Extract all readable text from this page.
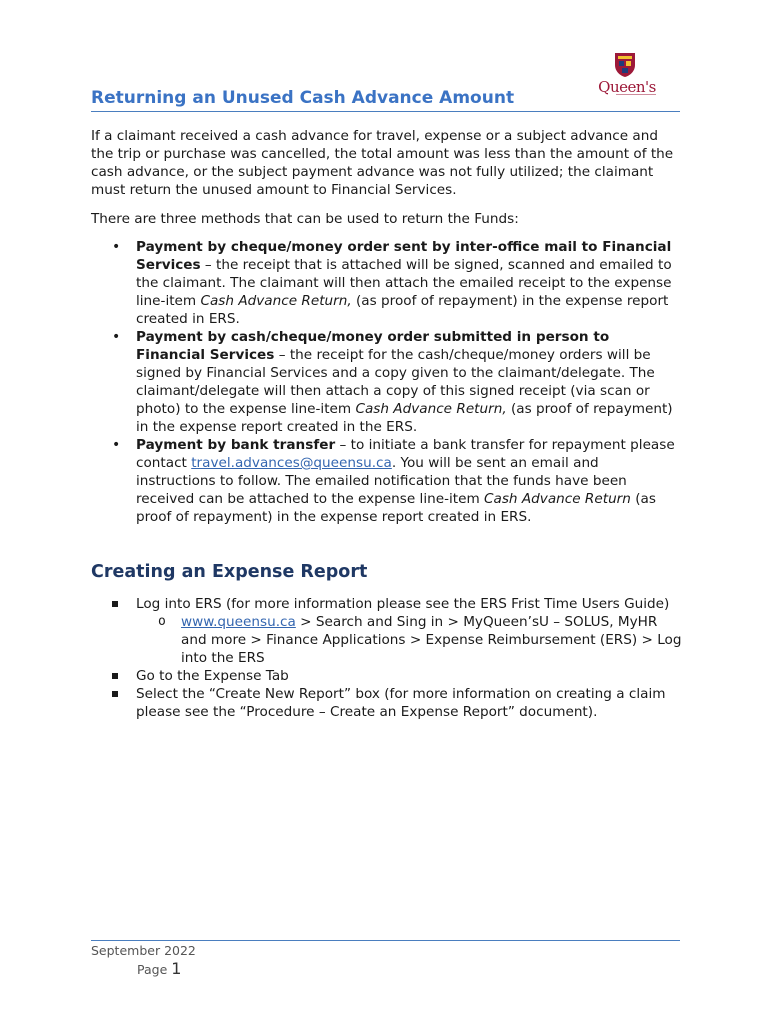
Queen's
Returning an Unused Cash Advance Amount

If a claimant received a cash advance for travel, expense or a subject advance and the trip or purchase was cancelled, the total amount was less than the amount of the cash advance, or the subject payment advance was not fully utilized; the claimant must return the unused amount to Financial Services.

There are three methods that can be used to return the Funds:

• Payment by cheque/money order sent by inter-office mail to Financial Services – the receipt that is attached will be signed, scanned and emailed to the claimant. The claimant will then attach the emailed receipt to the expense line-item Cash Advance Return, (as proof of repayment) in the expense report created in ERS.
• Payment by cash/cheque/money order submitted in person to Financial Services – the receipt for the cash/cheque/money orders will be signed by Financial Services and a copy given to the claimant/delegate. The claimant/delegate will then attach a copy of this signed receipt (via scan or photo) to the expense line-item Cash Advance Return, (as proof of repayment) in the expense report created in the ERS.
• Payment by bank transfer – to initiate a bank transfer for repayment please contact travel.advances@queensu.ca. You will be sent an email and instructions to follow. The emailed notification that the funds have been received can be attached to the expense line-item Cash Advance Return (as proof of repayment) in the expense report created in ERS.
Creating an Expense Report
Log into ERS (for more information please see the ERS Frist Time Users Guide)
o www.queensu.ca > Search and Sing in > MyQueen’sU – SOLUS, MyHR and more > Finance Applications > Expense Reimbursement (ERS) > Log into the ERS
Go to the Expense Tab
Select the “Create New Report” box (for more information on creating a claim please see the “Procedure – Create an Expense Report” document).
September 2022
Page 1
